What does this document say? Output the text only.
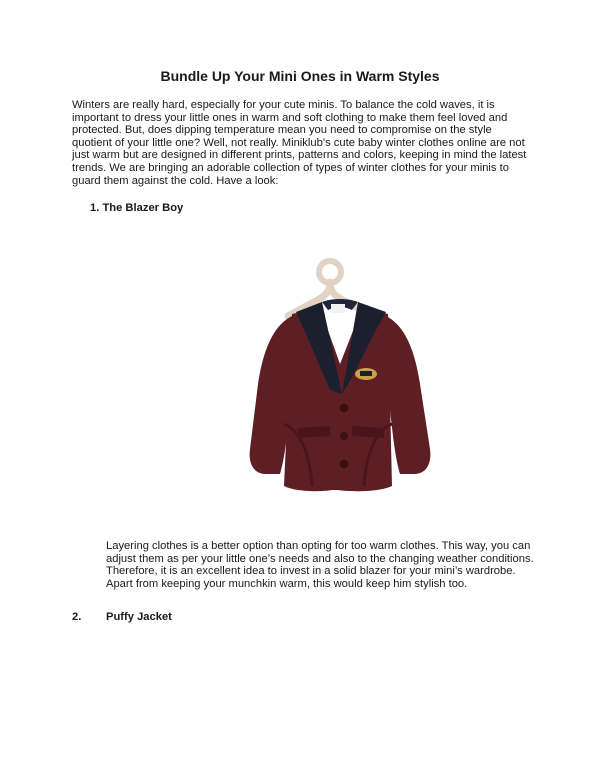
Bundle Up Your Mini Ones in Warm Styles

Winters are really hard, especially for your cute minis. To balance the cold waves, it is important to dress your little ones in warm and soft clothing to make them feel loved and protected. But, does dipping temperature mean you need to compromise on the style quotient of your little one? Well, not really. Miniklub’s cute baby winter clothes online are not just warm but are designed in different prints, patterns and colors, keeping in mind the latest trends. We are bringing an adorable collection of types of winter clothes for your minis to guard them against the cold. Have a look:

1. The Blazer Boy

Layering clothes is a better option than opting for too warm clothes. This way, you can adjust them as per your little one’s needs and also to the changing weather conditions. Therefore, it is an excellent idea to invest in a solid blazer for your mini’s wardrobe. Apart from keeping your munchkin warm, this would keep him stylish too.

2. Puffy Jacket
